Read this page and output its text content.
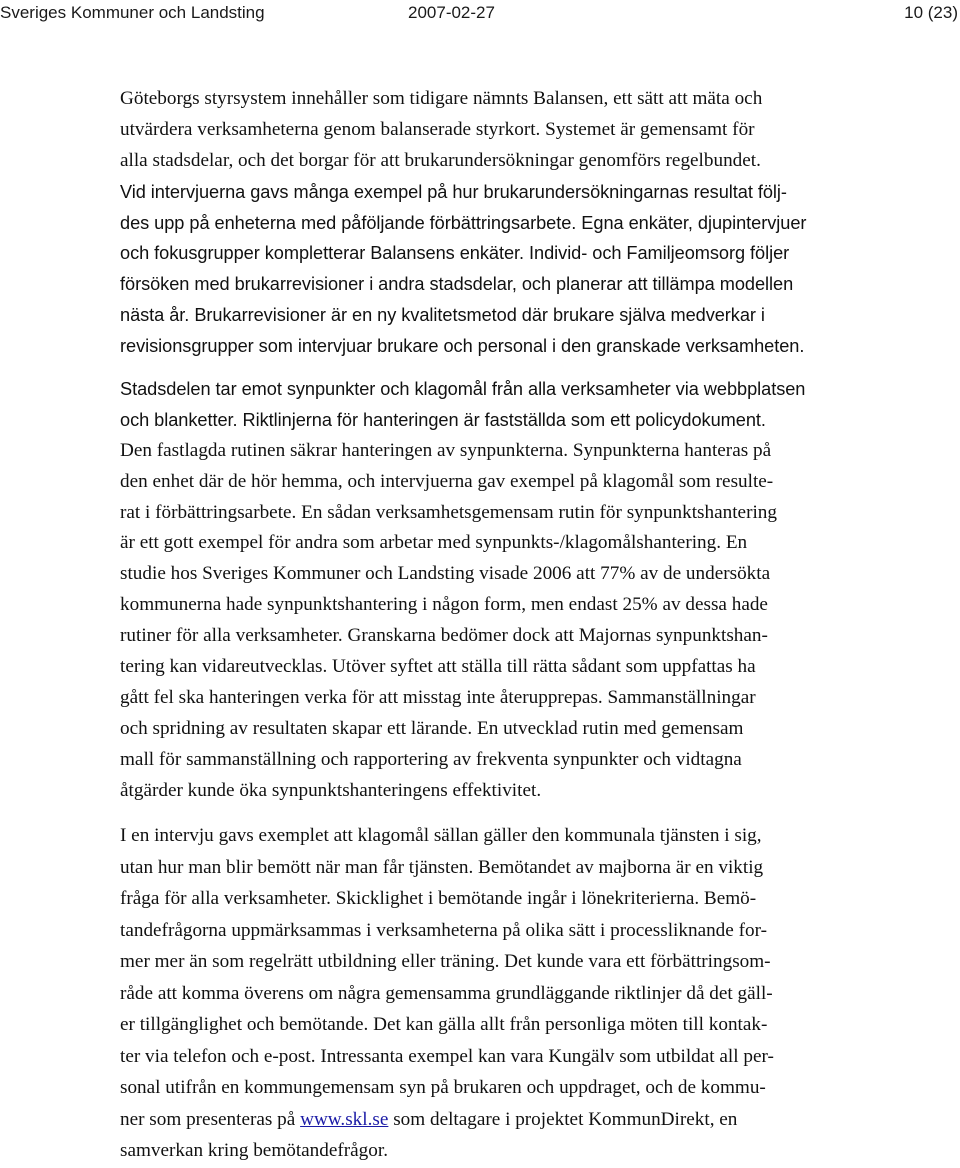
Sveriges Kommuner och Landsting	2007-02-27	10 (23)
Göteborgs styrsystem innehåller som tidigare nämnts Balansen, ett sätt att mäta och
utvärdera verksamheterna genom balanserade styrkort. Systemet är gemensamt för
alla stadsdelar, och det borgar för att brukarundersökningar genomförs regelbundet.
Vid intervjuerna gavs många exempel på hur brukarundersökningarnas resultat följ-
des upp på enheterna med påföljande förbättringsarbete. Egna enkäter, djupintervjuer
och fokusgrupper kompletterar Balansens enkäter. Individ- och Familjeomsorg följer
försöken med brukarrevisioner i andra stadsdelar, och planerar att tillämpa modellen
nästa år. Brukarrevisioner är en ny kvalitetsmetod där brukare själva medverkar i
revisionsgrupper som intervjuar brukare och personal i den granskade verksamheten.
Stadsdelen tar emot synpunkter och klagomål från alla verksamheter via webbplatsen
och blanketter. Riktlinjerna för hanteringen är fastställda som ett policydokument.
Den fastlagda rutinen säkrar hanteringen av synpunkterna. Synpunkterna hanteras på
den enhet där de hör hemma, och intervjuerna gav exempel på klagomål som resulte-
rat i förbättringsarbete. En sådan verksamhetsgemensam rutin för synpunktshantering
är ett gott exempel för andra som arbetar med synpunkts-/klagomålshantering. En
studie hos Sveriges Kommuner och Landsting visade 2006 att 77% av de undersökta
kommunerna hade synpunktshantering i någon form, men endast 25% av dessa hade
rutiner för alla verksamheter. Granskarna bedömer dock att Majornas synpunktshan-
tering kan vidareutvecklas. Utöver syftet att ställa till rätta sådant som uppfattas ha
gått fel ska hanteringen verka för att misstag inte återupprepas. Sammanställningar
och spridning av resultaten skapar ett lärande. En utvecklad rutin med gemensam
mall för sammanställning och rapportering av frekventa synpunkter och vidtagna
åtgärder kunde öka synpunktshanteringens effektivitet.
I en intervju gavs exemplet att klagomål sällan gäller den kommunala tjänsten i sig,
utan hur man blir bemött när man får tjänsten. Bemötandet av majborna är en viktig
fråga för alla verksamheter. Skicklighet i bemötande ingår i lönekriterierna. Bemö-
tandefrågorna uppmärksammas i verksamheterna på olika sätt i processliknande for-
mer mer än som regelrätt utbildning eller träning. Det kunde vara ett förbättringsom-
råde att komma överens om några gemensamma grundläggande riktlinjer då det gäll-
er tillgänglighet och bemötande. Det kan gälla allt från personliga möten till kontak-
ter via telefon och e-post. Intressanta exempel kan vara Kungälv som utbildat all per-
sonal utifrån en kommungemensam syn på brukaren och uppdraget, och de kommu-
ner som presenteras på www.skl.se som deltagare i projektet KommunDirekt, en
samverkan kring bemötandefrågor.
